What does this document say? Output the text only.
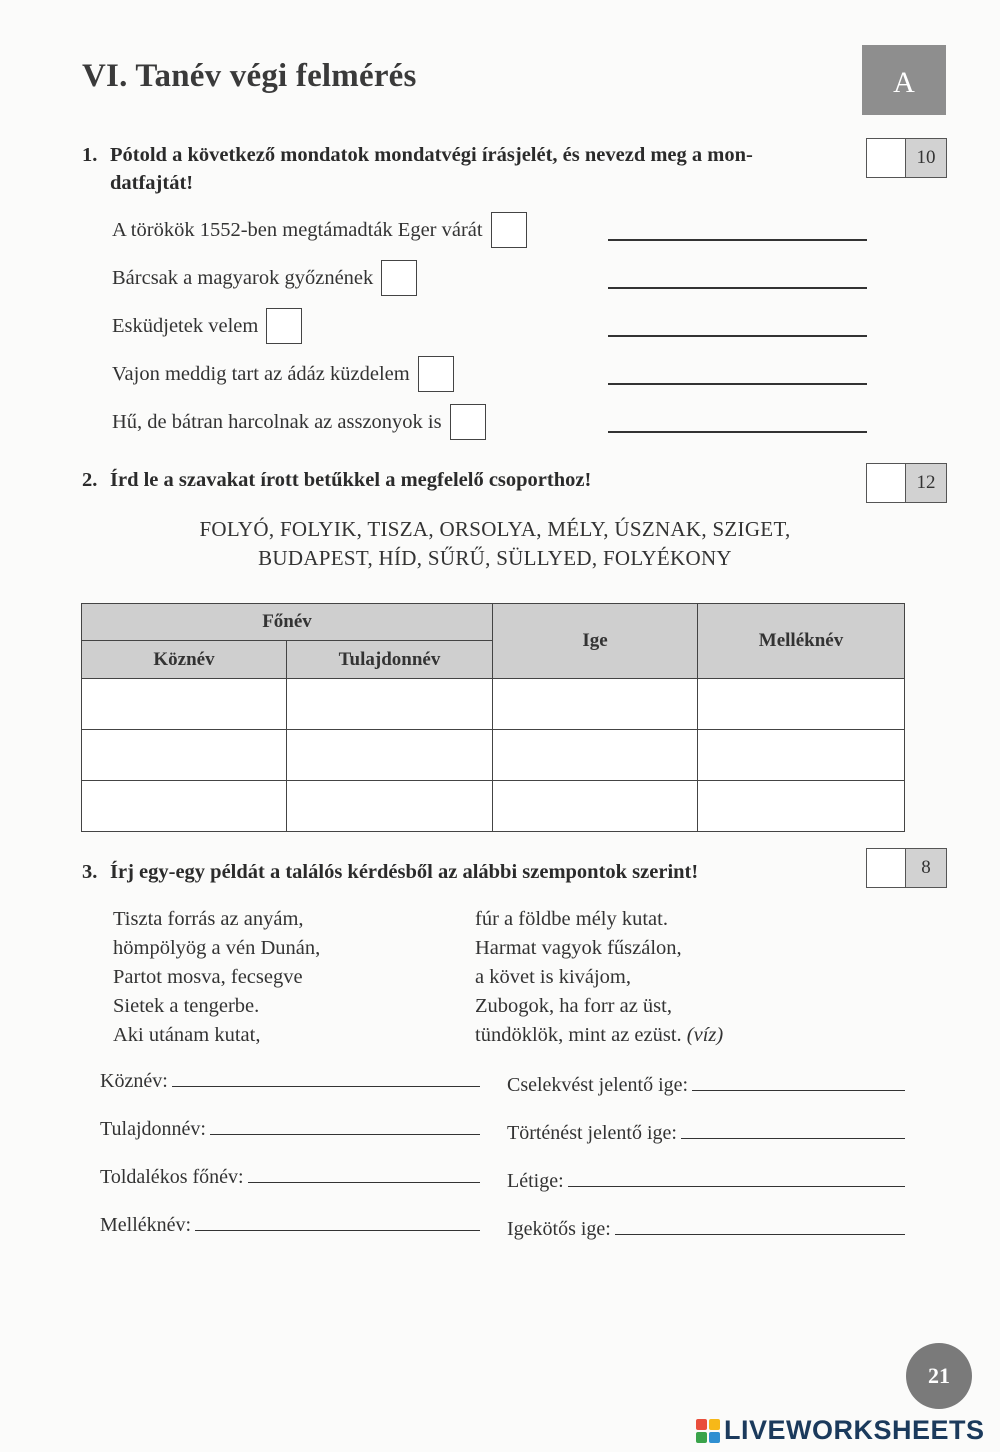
VI. Tanév végi felmérés	A
1. Pótold a következő mondatok mondatvégi írásjelét, és nevezd meg a mon-
datfajtát!
10
A törökök 1552-ben megtámadták Eger várát
Bárcsak a magyarok győznének
Esküdjetek velem
Vajon meddig tart az ádáz küzdelem
Hű, de bátran harcolnak az asszonyok is
2. Írd le a szavakat írott betűkkel a megfelelő csoporthoz!	12
FOLYÓ, FOLYIK, TISZA, ORSOLYA, MÉLY, ÚSZNAK, SZIGET,
BUDAPEST, HÍD, SŰRŰ, SÜLLYED, FOLYÉKONY
Főnév		Ige	Melléknév
Köznév	Tulajdonnév		

3. Írj egy-egy példát a találós kérdésből az alábbi szempontok szerint!	8
Tiszta forrás az anyám,
hömpölyög a vén Dunán,
Partot mosva, fecsegve
Sietek a tengerbe.
Aki utánam kutat,
fúr a földbe mély kutat.
Harmat vagyok fűszálon,
a követ is kivájom,
Zubogok, ha forr az üst,
tündöklök, mint az ezüst. (víz)
Köznév:
Tulajdonnév:
Toldalékos főnév:
Melléknév:
Cselekvést jelentő ige:
Történést jelentő ige:
Létige:
Igekötős ige:
21
LIVEWORKSHEETS
